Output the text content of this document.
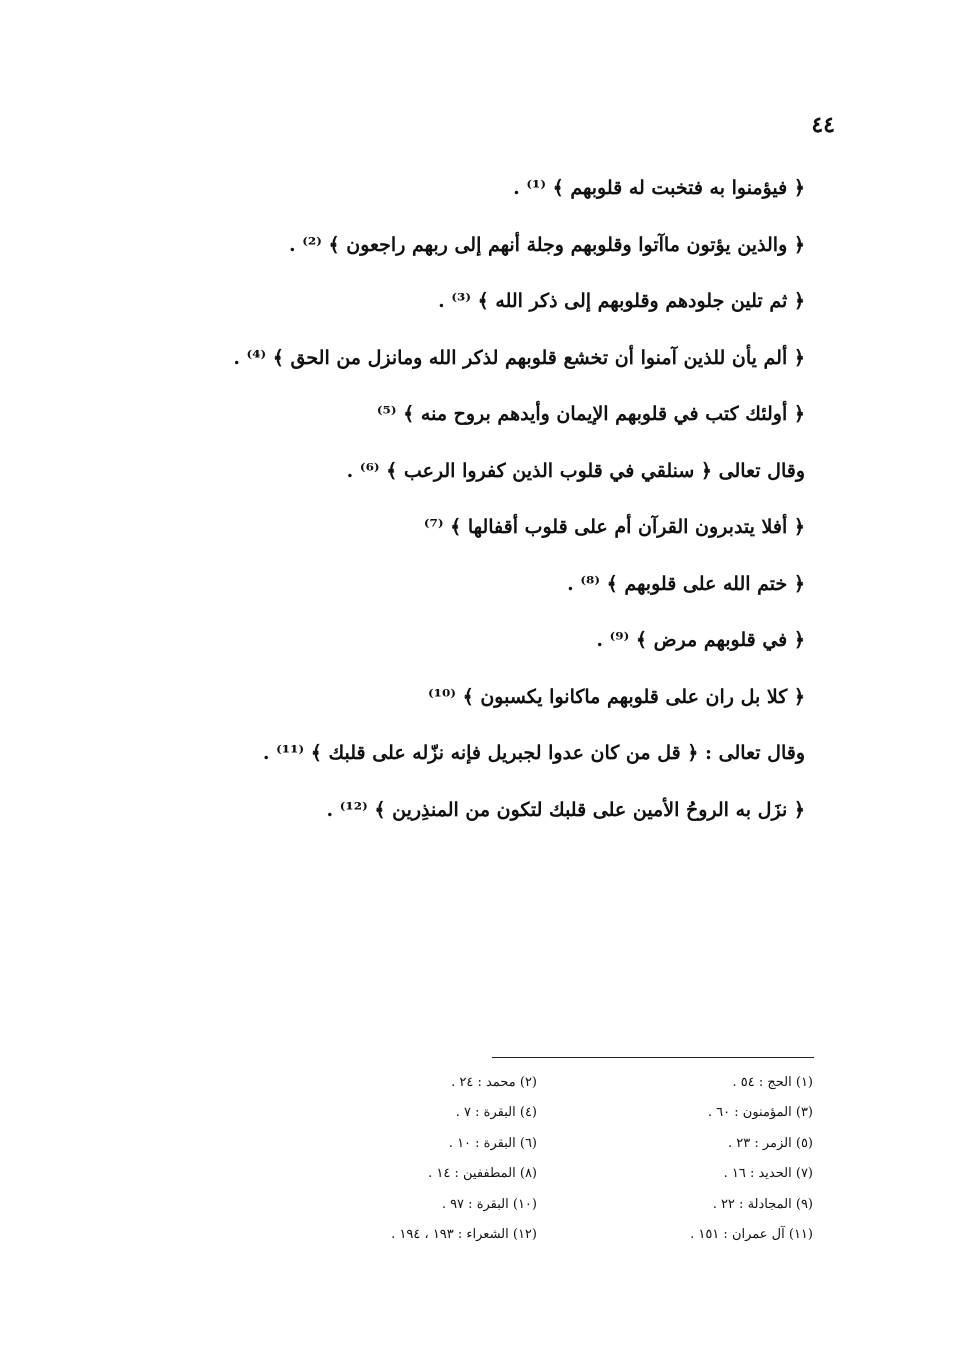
٤٤
﴿ فيؤمنوا به فتخبت له قلوبهم ﴾ ⁽¹⁾ .
﴿ والذين يؤتون ماآتوا وقلوبهم وجلة أنهم إلى ربهم راجعون ﴾ ⁽²⁾ .
﴿ ثم تلين جلودهم وقلوبهم إلى ذكر الله ﴾ ⁽³⁾ .
﴿ ألم يأن للذين آمنوا أن تخشع قلوبهم لذكر الله ومانزل من الحق ﴾ ⁽⁴⁾ .
﴿ أولئك كتب في قلوبهم الإيمان وأيدهم بروح منه ﴾ ⁽⁵⁾
وقال تعالى ﴿ سنلقي في قلوب الذين كفروا الرعب ﴾ ⁽⁶⁾ .
﴿ أفلا يتدبرون القرآن أم على قلوب أقفالها ﴾ ⁽⁷⁾
﴿ ختم الله على قلوبهم ﴾ ⁽⁸⁾ .
﴿ في قلوبهم مرض ﴾ ⁽⁹⁾ .
﴿ كلا بل ران على قلوبهم ماكانوا يكسبون ﴾ ⁽¹⁰⁾
وقال تعالى : ﴿ قل من كان عدوا لجبريل فإنه نزّله على قلبك ﴾ ⁽¹¹⁾ .
﴿ نزَل به الروحُ الأمين على قلبك لتكون من المنذِرين ﴾ ⁽¹²⁾ .
(١) الحج : ٥٤ .
(٢) محمد : ٢٤ .
(٣) المؤمنون : ٦٠ .
(٤) البقرة : ٧ .
(٥) الزمر : ٢٣ .
(٦) البقرة : ١٠ .
(٧) الحديد : ١٦ .
(٨) المطففين : ١٤ .
(٩) المجادلة : ٢٢ .
(١٠) البقرة : ٩٧ .
(١١) آل عمران : ١٥١ .
(١٢) الشعراء : ١٩٣ ، ١٩٤ .
